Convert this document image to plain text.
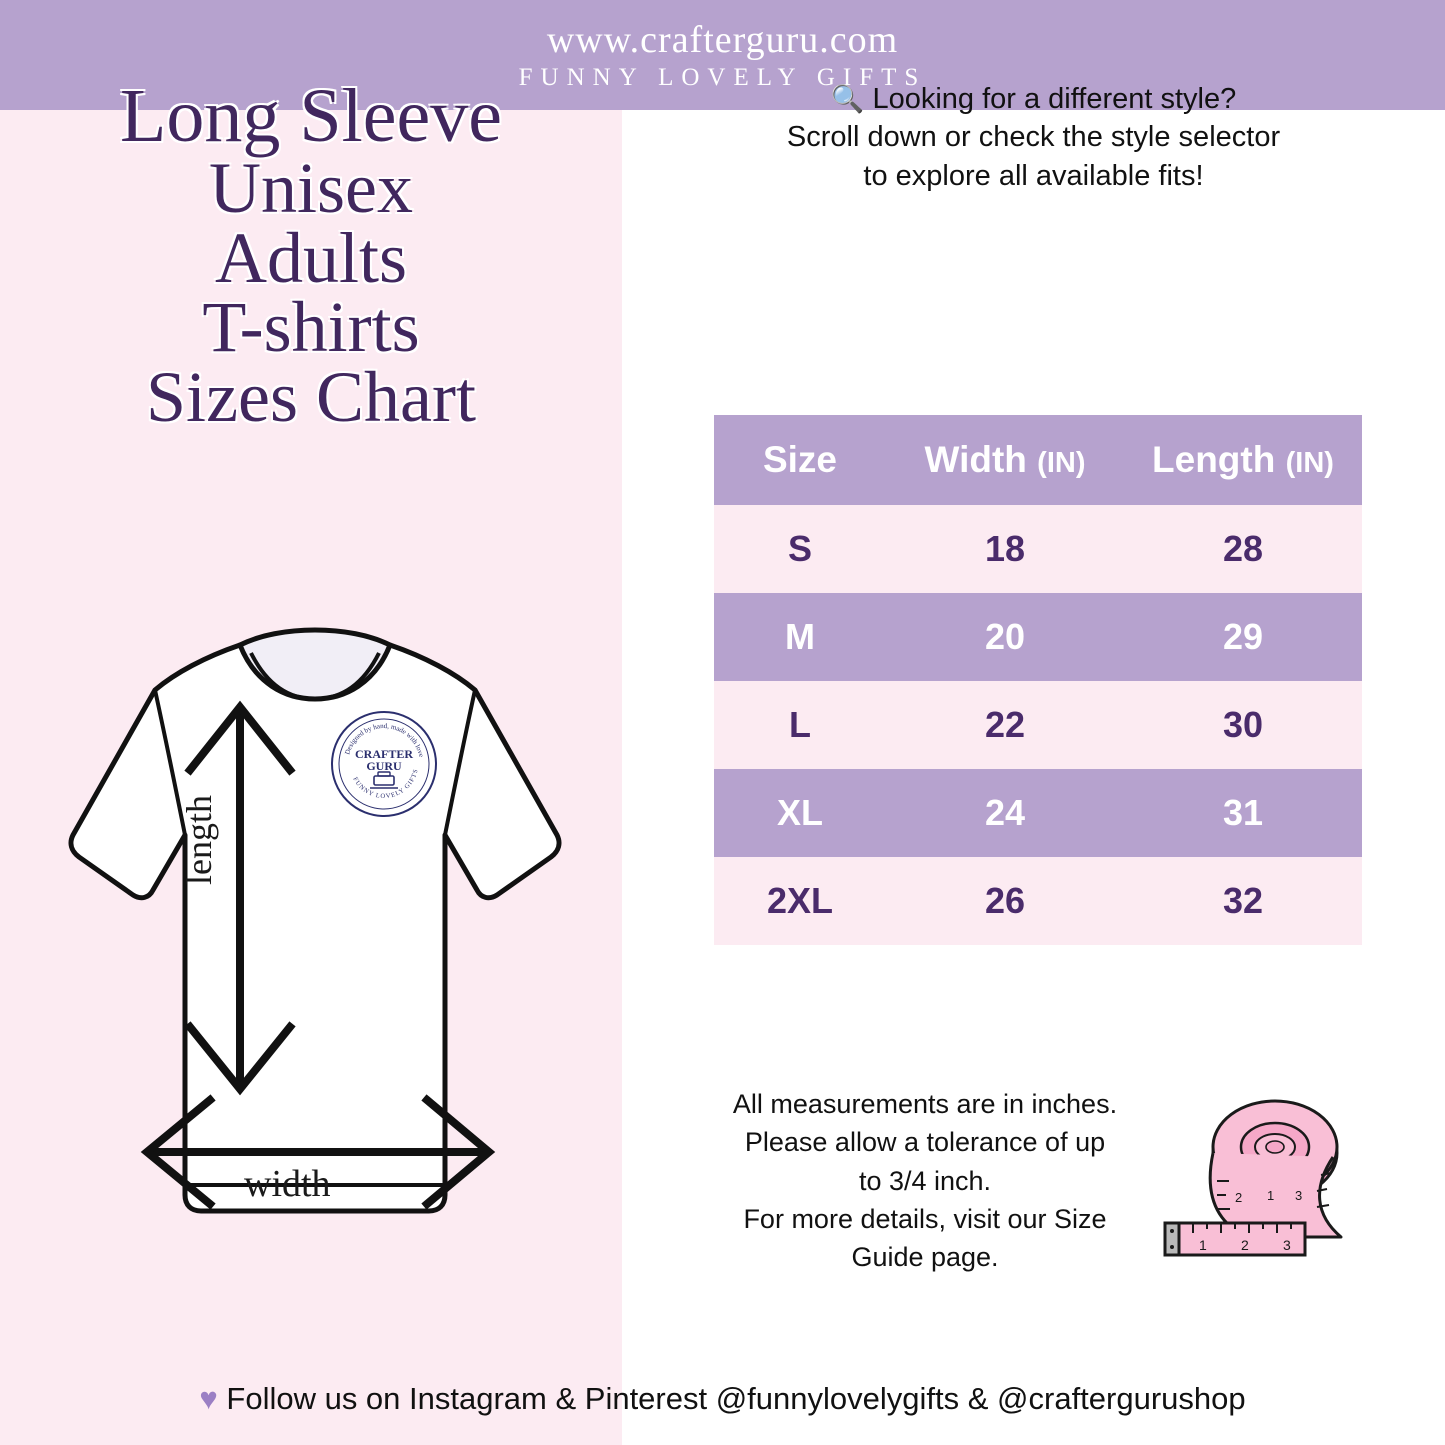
www.crafterguru.com
FUNNY LOVELY GIFTS
Long Sleeve
Unisex
Adults
T-shirts
Sizes Chart
length
width
Designed by hand, made with love
FUNNY LOVELY GIFTS
CRAFTER
GURU
🔍 Looking for a different style?
Scroll down or check the style selector
to explore all available fits!
Size	Width (IN)	Length (IN)
S	18	28
M	20	29
L	22	30
XL	24	31
2XL	26	32
All measurements are in inches.
Please allow a tolerance of up
to 3/4 inch.
For more details, visit our Size
Guide page.	1 2 3
2 1 3
♥ Follow us on Instagram & Pinterest @funnylovelygifts & @craftergurushop
